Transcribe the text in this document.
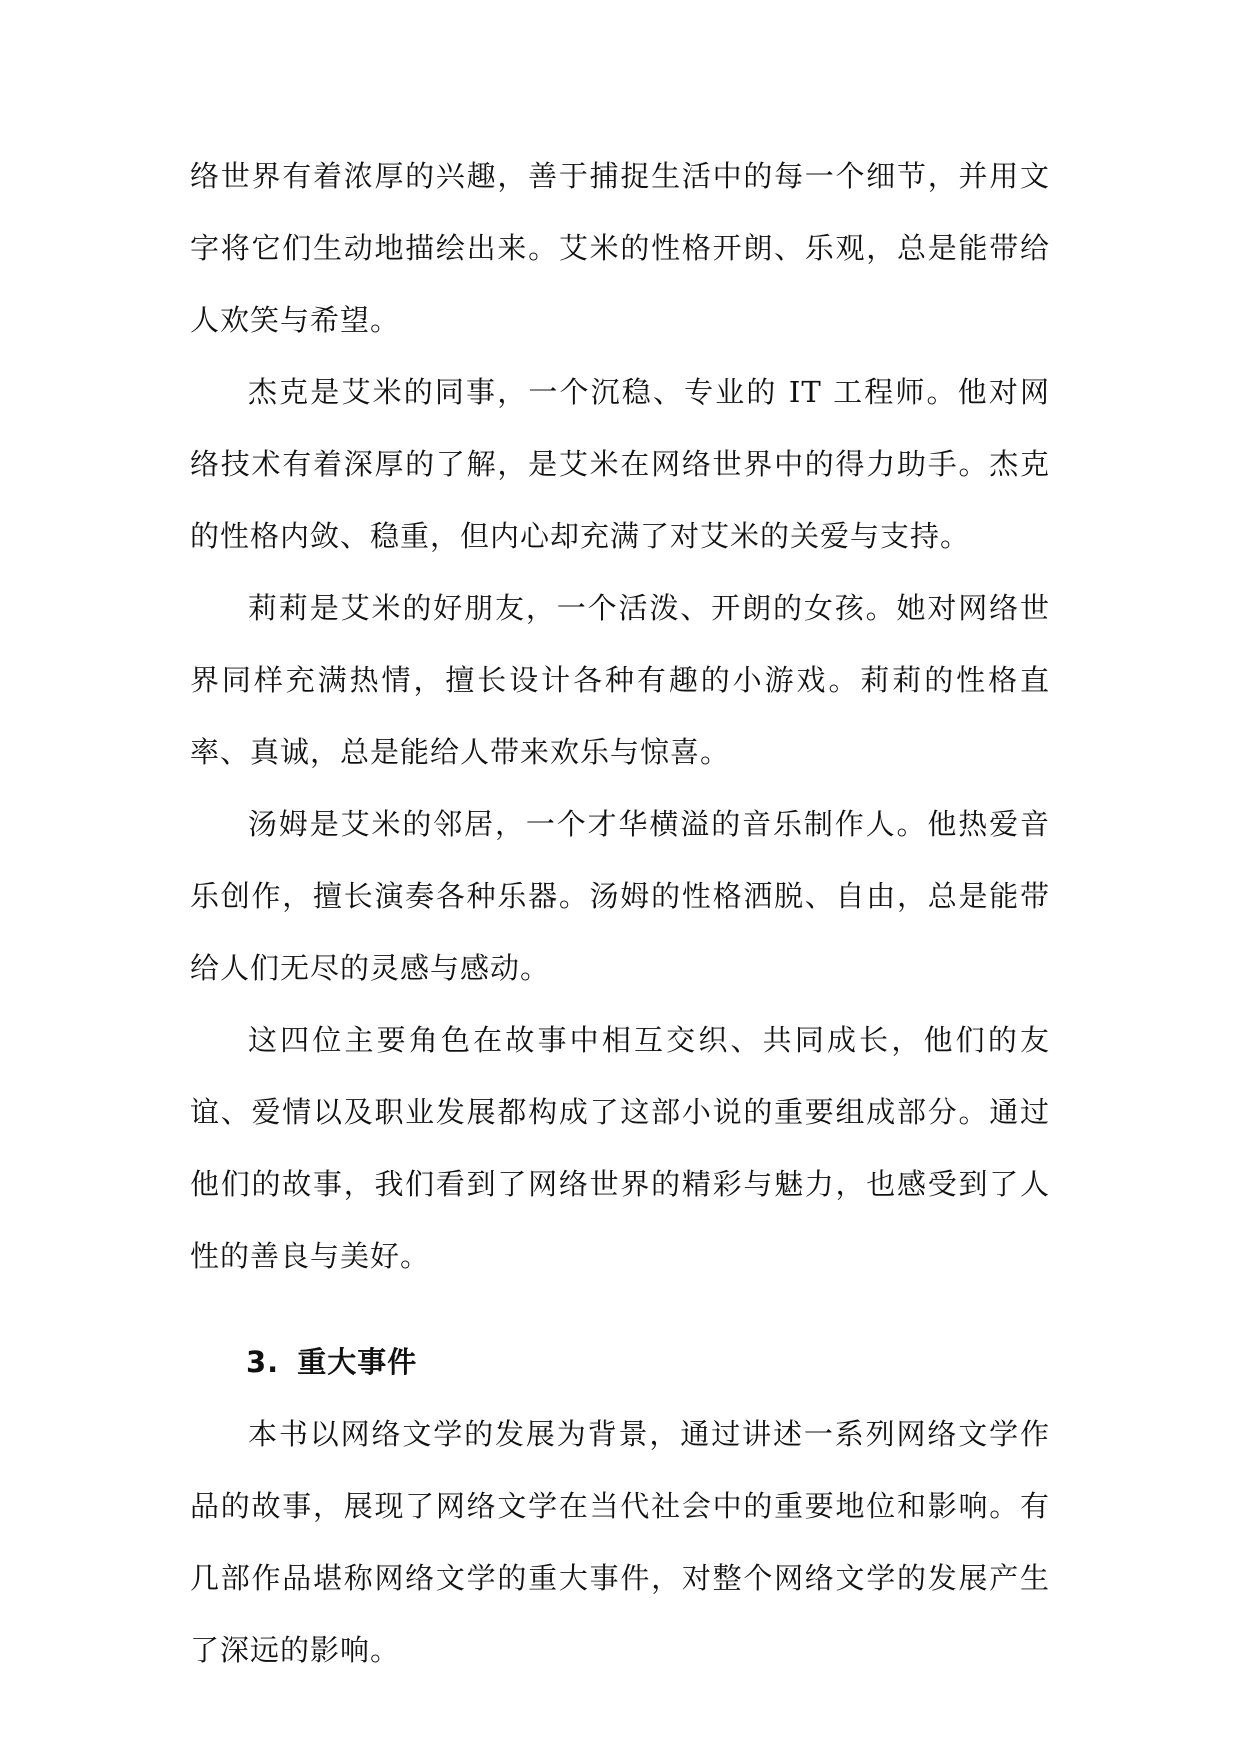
络世界有着浓厚的兴趣，善于捕捉生活中的每一个细节，并用文字将它们生动地描绘出来。艾米的性格开朗、乐观，总是能带给人欢笑与希望。

杰克是艾米的同事，一个沉稳、专业的 IT 工程师。他对网络技术有着深厚的了解，是艾米在网络世界中的得力助手。杰克的性格内敛、稳重，但内心却充满了对艾米的关爱与支持。

莉莉是艾米的好朋友，一个活泼、开朗的女孩。她对网络世界同样充满热情，擅长设计各种有趣的小游戏。莉莉的性格直率、真诚，总是能给人带来欢乐与惊喜。

汤姆是艾米的邻居，一个才华横溢的音乐制作人。他热爱音乐创作，擅长演奏各种乐器。汤姆的性格洒脱、自由，总是能带给人们无尽的灵感与感动。

这四位主要角色在故事中相互交织、共同成长，他们的友谊、爱情以及职业发展都构成了这部小说的重要组成部分。通过他们的故事，我们看到了网络世界的精彩与魅力，也感受到了人性的善良与美好。

3. 重大事件

本书以网络文学的发展为背景，通过讲述一系列网络文学作品的故事，展现了网络文学在当代社会中的重要地位和影响。有几部作品堪称网络文学的重大事件，对整个网络文学的发展产生了深远的影响。
